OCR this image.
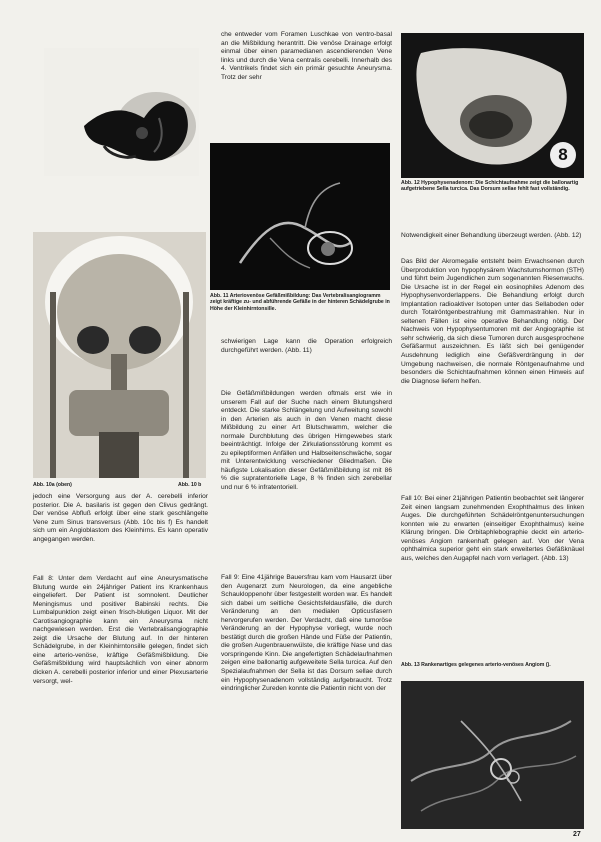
Abb. 10a (oben)	Abb. 10 b

jedoch eine Versorgung aus der A. cerebelli inferior posterior. Die A. basilaris ist gegen den Clivus gedrängt. Der venöse Abfluß erfolgt über eine stark geschlängelte Vene zum Sinus transversus (Abb. 10c bis f) Es handelt sich um ein Angioblastom des Kleinhirns. Es kann operativ angegangen werden.

Fall 8: Unter dem Verdacht auf eine Aneurysmatische Blutung wurde ein 24jähriger Patient ins Krankenhaus eingeliefert. Der Patient ist somnolent. Deutlicher Meningismus und positiver Babinski rechts. Die Lumbalpunktion zeigt einen frisch-blutigen Liquor. Mit der Carotisangiographie kann ein Aneurysma nicht nachgewiesen werden. Erst die Vertebralisangiographie zeigt die Ursache der Blutung auf. In der hinteren Schädelgrube, in der Kleinhirntonsille gelegen, findet sich eine arterio-venöse, kräftige Gefäßmißbildung. Die Gefäßmißbildung wird hauptsächlich von einer abnorm dicken A. cerebelli posterior inferior und einer Plexusarterie versorgt, wel-

che entweder vom Foramen Luschkae von ventro-basal an die Mißbildung herantritt. Die venöse Drainage erfolgt einmal über einen paramedianen ascendierenden Vene links und durch die Vena centralis cerebelli. Innerhalb des 4. Ventrikels findet sich ein primär gesuchte Aneurysma. Trotz der sehr

Abb. 11 Arteriovenöse Gefäßmißbildung: Das Vertebralisangiogramm zeigt kräftige zu- und abführende Gefäße in der hinteren Schädelgrube in Höhe der Kleinhirntonsille.

schwierigen Lage kann die Operation erfolgreich durchgeführt werden. (Abb. 11)

Die Gefäßmißbildungen werden oftmals erst wie in unserem Fall auf der Suche nach einem Blutungsherd entdeckt. Die starke Schlängelung und Aufweitung sowohl in den Arterien als auch in den Venen macht diese Mißbildung zu einer Art Blutschwamm, welcher die normale Durchblutung des übrigen Hirngewebes stark beeinträchtigt. Infolge der Zirkulationsstörung kommt es zu epileptiformen Anfällen und Halbseitenschwäche, sogar mit Unterentwicklung verschiedener Gliedmaßen. Die häufigste Lokalisation dieser Gefäßmißbildung ist mit 86 % die supratentorielle Lage, 8 % finden sich zerebellar und nur 6 % infratentoriell.

Fall 9: Eine 41jährige Bauersfrau kam vom Hausarzt über den Augenarzt zum Neurologen, da eine angebliche Schaukloppenohr über festgestellt worden war. Es handelt sich dabei um seitliche Gesichtsfeldausfälle, die durch Veränderung an den medialen Opticusfasern hervorgerufen werden. Der Verdacht, daß eine tumoröse Veränderung an der Hypophyse vorliegt, wurde noch bestätigt durch die großen Hände und Füße der Patientin, die großen Augenbrauenwülste, die kräftige Nase und das vorspringende Kinn. Die angefertigten Schädelaufnahmen zeigen eine ballonartig aufgeweitete Sella turcica. Auf den Spezialaufnahmen der Sella ist das Dorsum sellae durch ein Hypophysenadenom vollständig aufgebraucht. Trotz eindringlicher Zureden konnte die Patientin nicht von der

8

Abb. 12 Hypophysenadenom: Die Schichtaufnahme zeigt die ballonartig aufgetriebene Sella turcica. Das Dorsum sellae fehlt fast vollständig.

Notwendigkeit einer Behandlung überzeugt werden. (Abb. 12)

Das Bild der Akromegalie entsteht beim Erwachsenen durch Überproduktion von hypophysärem Wachstumshormon (STH) und führt beim Jugendlichen zum sogenannten Riesenwuchs. Die Ursache ist in der Regel ein eosinophiles Adenom des Hypophysenvorderlappens. Die Behandlung erfolgt durch Implantation radioaktiver Isotopen unter das Sellaboden oder durch Totalröntgenbestrahlung mit Gammastrahlen. Nur in seltenen Fällen ist eine operative Behandlung nötig. Der Nachweis von Hypophysentumoren mit der Angiographie ist sehr schwierig, da sich diese Tumoren durch ausgesprochene Gefäßarmut auszeichnen. Es läßt sich bei genügender Ausdehnung lediglich eine Gefäßverdrängung in der Umgebung nachweisen, die normale Röntgenaufnahme und besonders die Schichtaufnahmen können einen Hinweis auf die Diagnose liefern helfen.

Fall 10: Bei einer 21jährigen Patientin beobachtet seit längerer Zeit einen langsam zunehmenden Exophthalmus des linken Auges. Die durchgeführten Schädelröntgenuntersuchungen konnten wie zu erwarten (einseitiger Exophthalmus) keine Klärung bringen. Die Orbitaphlebographie deckt ein arterio-venöses Angiom rankenhaft gelegen auf. Von der Vena ophthalmica superior geht ein stark erweitertes Gefäßknäuel aus, welches den Augapfel nach vorn verlagert. (Abb. 13)

Abb. 13 Rankenartiges gelegenes arterio-venöses Angiom ().

27
